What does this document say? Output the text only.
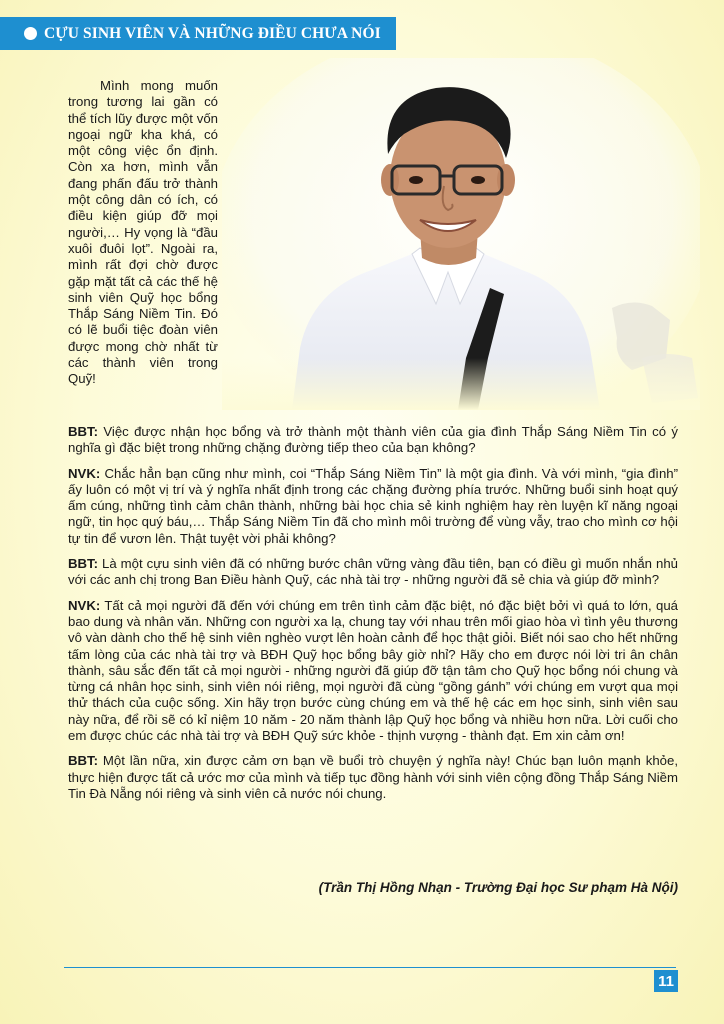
CỰU SINH VIÊN VÀ NHỮNG ĐIỀU CHƯA NÓI

Mình mong muốn trong tương lai gần có thể tích lũy được một vốn ngoại ngữ kha khá, có một công việc ổn định. Còn xa hơn, mình vẫn đang phấn đấu trở thành một công dân có ích, có điều kiện giúp đỡ mọi người,… Hy vọng là “đầu xuôi đuôi lọt”. Ngoài ra, mình rất đợi chờ được gặp mặt tất cả các thế hệ sinh viên Quỹ học bổng Thắp Sáng Niềm Tin. Đó có lẽ buổi tiệc đoàn viên được mong chờ nhất từ các thành viên trong Quỹ!

BBT: Việc được nhận học bổng và trở thành một thành viên của gia đình Thắp Sáng Niềm Tin có ý nghĩa gì đặc biệt trong những chặng đường tiếp theo của bạn không?

NVK: Chắc hẳn bạn cũng như mình, coi “Thắp Sáng Niềm Tin” là một gia đình. Và với mình, “gia đình” ấy luôn có một vị trí và ý nghĩa nhất định trong các chặng đường phía trước. Những buổi sinh hoạt quý ấm cúng, những tình cảm chân thành, những bài học chia sẻ kinh nghiệm hay rèn luyện kĩ năng ngoại ngữ, tin học quý báu,… Thắp Sáng Niềm Tin đã cho mình môi trường để vùng vẫy, trao cho mình cơ hội tự tin để vươn lên. Thật tuyệt vời phải không?

BBT: Là một cựu sinh viên đã có những bước chân vững vàng đầu tiên, bạn có điều gì muốn nhắn nhủ với các anh chị trong Ban Điều hành Quỹ, các nhà tài trợ - những người đã sẻ chia và giúp đỡ mình?

NVK: Tất cả mọi người đã đến với chúng em trên tình cảm đặc biệt, nó đặc biệt bởi vì quá to lớn, quá bao dung và nhân văn. Những con người xa lạ, chung tay với nhau trên mối giao hòa vì tình yêu thương vô vàn dành cho thế hệ sinh viên nghèo vượt lên hoàn cảnh để học thật giỏi. Biết nói sao cho hết những tấm lòng của các nhà tài trợ và BĐH Quỹ học bổng bây giờ nhỉ? Hãy cho em được nói lời tri ân chân thành, sâu sắc đến tất cả mọi người - những người đã giúp đỡ tận tâm cho Quỹ học bổng nói chung và từng cá nhân học sinh, sinh viên nói riêng, mọi người đã cùng “gồng gánh” với chúng em vượt qua mọi thử thách của cuộc sống. Xin hãy trọn bước cùng chúng em và thế hệ các em học sinh, sinh viên sau này nữa, để rồi sẽ có kỉ niệm 10 năm - 20 năm thành lập Quỹ học bổng và nhiều hơn nữa. Lời cuối cho em được chúc các nhà tài trợ và BĐH Quỹ sức khỏe - thịnh vượng - thành đạt. Em xin cảm ơn!

BBT: Một lần nữa, xin được cảm ơn bạn về buổi trò chuyện ý nghĩa này! Chúc bạn luôn mạnh khỏe, thực hiện được tất cả ước mơ của mình và tiếp tục đồng hành với sinh viên cộng đồng Thắp Sáng Niềm Tin Đà Nẵng nói riêng và sinh viên cả nước nói chung.

(Trần Thị Hồng Nhạn - Trường Đại học Sư phạm Hà Nội)
11
